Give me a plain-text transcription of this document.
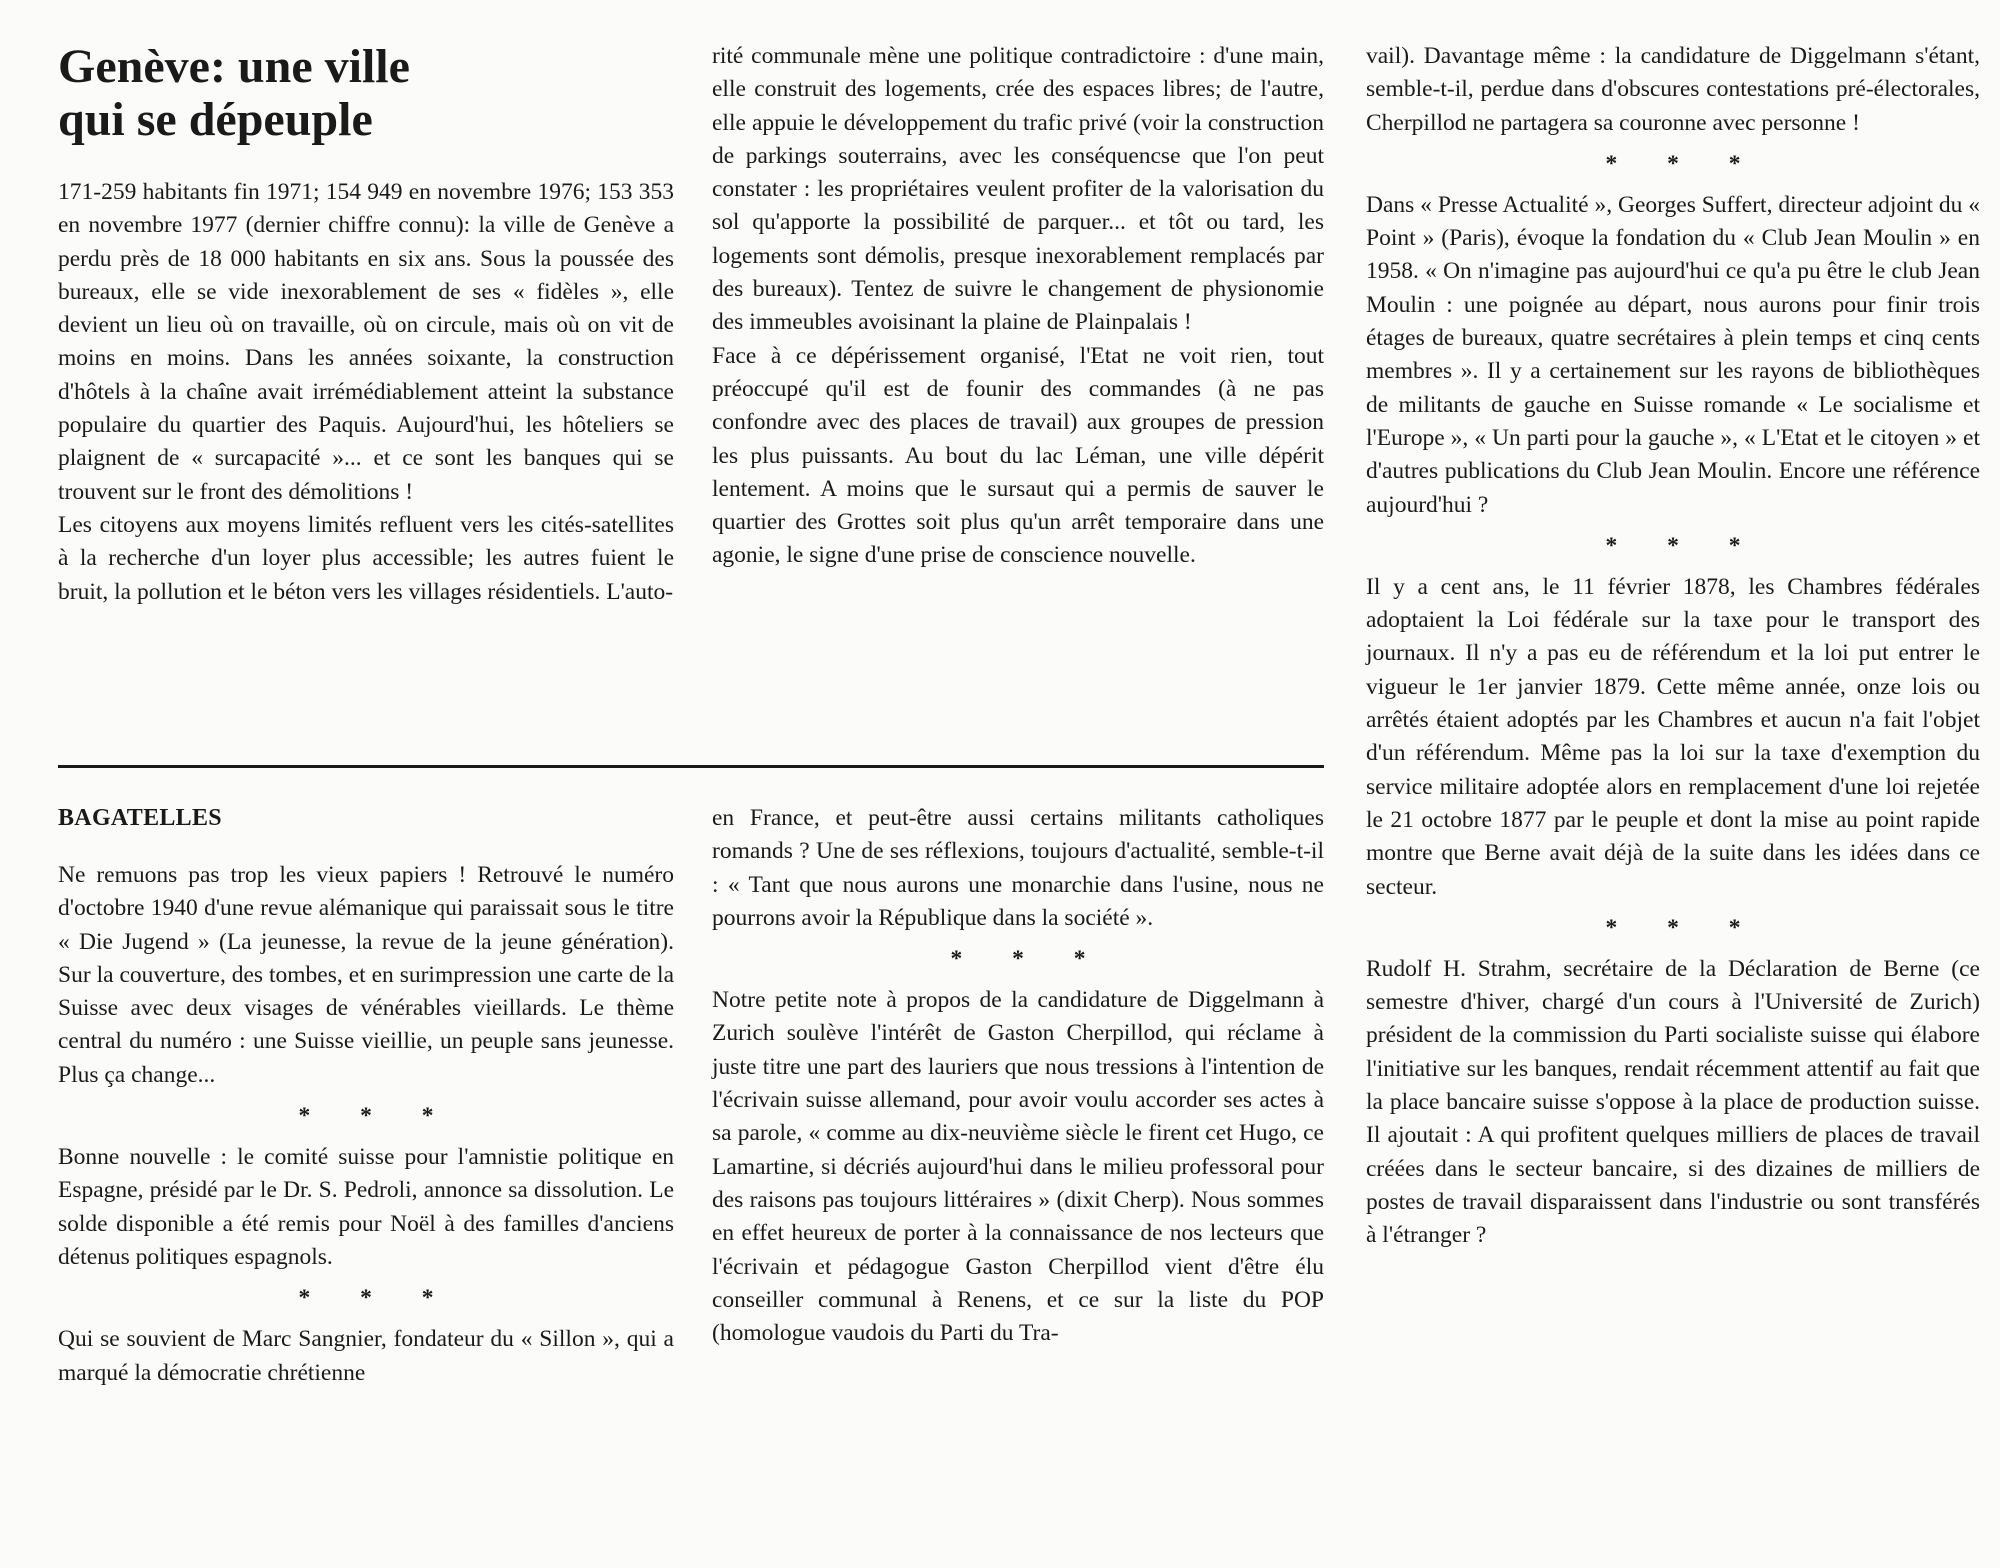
Genève: une ville
qui se dépeuple

171-259 habitants fin 1971; 154 949 en novembre 1976; 153 353 en novembre 1977 (dernier chiffre connu): la ville de Genève a perdu près de 18 000 habitants en six ans. Sous la poussée des bureaux, elle se vide inexorablement de ses « fidèles », elle devient un lieu où on travaille, où on circule, mais où on vit de moins en moins. Dans les années soixante, la construction d'hôtels à la chaîne avait irrémédiablement atteint la substance populaire du quartier des Paquis. Aujourd'hui, les hôteliers se plaignent de « surcapacité »... et ce sont les banques qui se trouvent sur le front des démolitions !

Les citoyens aux moyens limités refluent vers les cités-satellites à la recherche d'un loyer plus accessible; les autres fuient le bruit, la pollution et le béton vers les villages résidentiels. L'auto-

rité communale mène une politique contradictoire : d'une main, elle construit des logements, crée des espaces libres; de l'autre, elle appuie le développement du trafic privé (voir la construction de parkings souterrains, avec les conséquencse que l'on peut constater : les propriétaires veulent profiter de la valorisation du sol qu'apporte la possibilité de parquer... et tôt ou tard, les logements sont démolis, presque inexorablement remplacés par des bureaux). Tentez de suivre le changement de physionomie des immeubles avoisinant la plaine de Plainpalais !

Face à ce dépérissement organisé, l'Etat ne voit rien, tout préoccupé qu'il est de founir des commandes (à ne pas confondre avec des places de travail) aux groupes de pression les plus puissants. Au bout du lac Léman, une ville dépérit lentement. A moins que le sursaut qui a permis de sauver le quartier des Grottes soit plus qu'un arrêt temporaire dans une agonie, le signe d'une prise de conscience nouvelle.

vail). Davantage même : la candidature de Diggelmann s'étant, semble-t-il, perdue dans d'obscures contestations pré-électorales, Cherpillod ne partagera sa couronne avec personne !

* * *

Dans « Presse Actualité », Georges Suffert, directeur adjoint du « Point » (Paris), évoque la fondation du « Club Jean Moulin » en 1958. « On n'imagine pas aujourd'hui ce qu'a pu être le club Jean Moulin : une poignée au départ, nous aurons pour finir trois étages de bureaux, quatre secrétaires à plein temps et cinq cents membres ». Il y a certainement sur les rayons de bibliothèques de militants de gauche en Suisse romande « Le socialisme et l'Europe », « Un parti pour la gauche », « L'Etat et le citoyen » et d'autres publications du Club Jean Moulin. Encore une référence aujourd'hui ?

* * *

Il y a cent ans, le 11 février 1878, les Chambres fédérales adoptaient la Loi fédérale sur la taxe pour le transport des journaux. Il n'y a pas eu de référendum et la loi put entrer le vigueur le 1er janvier 1879. Cette même année, onze lois ou arrêtés étaient adoptés par les Chambres et aucun n'a fait l'objet d'un référendum. Même pas la loi sur la taxe d'exemption du service militaire adoptée alors en remplacement d'une loi rejetée le 21 octobre 1877 par le peuple et dont la mise au point rapide montre que Berne avait déjà de la suite dans les idées dans ce secteur.

* * *

Rudolf H. Strahm, secrétaire de la Déclaration de Berne (ce semestre d'hiver, chargé d'un cours à l'Université de Zurich) président de la commission du Parti socialiste suisse qui élabore l'initiative sur les banques, rendait récemment attentif au fait que la place bancaire suisse s'oppose à la place de production suisse. Il ajoutait : A qui profitent quelques milliers de places de travail créées dans le secteur bancaire, si des dizaines de milliers de postes de travail disparaissent dans l'industrie ou sont transférés à l'étranger ?

BAGATELLES

Ne remuons pas trop les vieux papiers ! Retrouvé le numéro d'octobre 1940 d'une revue alémanique qui paraissait sous le titre « Die Jugend » (La jeunesse, la revue de la jeune génération). Sur la couverture, des tombes, et en surimpression une carte de la Suisse avec deux visages de vénérables vieillards. Le thème central du numéro : une Suisse vieillie, un peuple sans jeunesse. Plus ça change...

* * *

Bonne nouvelle : le comité suisse pour l'amnistie politique en Espagne, présidé par le Dr. S. Pedroli, annonce sa dissolution. Le solde disponible a été remis pour Noël à des familles d'anciens détenus politiques espagnols.

* * *

Qui se souvient de Marc Sangnier, fondateur du « Sillon », qui a marqué la démocratie chrétienne

en France, et peut-être aussi certains militants catholiques romands ? Une de ses réflexions, toujours d'actualité, semble-t-il : « Tant que nous aurons une monarchie dans l'usine, nous ne pourrons avoir la République dans la société ».

* * *

Notre petite note à propos de la candidature de Diggelmann à Zurich soulève l'intérêt de Gaston Cherpillod, qui réclame à juste titre une part des lauriers que nous tressions à l'intention de l'écrivain suisse allemand, pour avoir voulu accorder ses actes à sa parole, « comme au dix-neuvième siècle le firent cet Hugo, ce Lamartine, si décriés aujourd'hui dans le milieu professoral pour des raisons pas toujours littéraires » (dixit Cherp). Nous sommes en effet heureux de porter à la connaissance de nos lecteurs que l'écrivain et pédagogue Gaston Cherpillod vient d'être élu conseiller communal à Renens, et ce sur la liste du POP (homologue vaudois du Parti du Tra-
